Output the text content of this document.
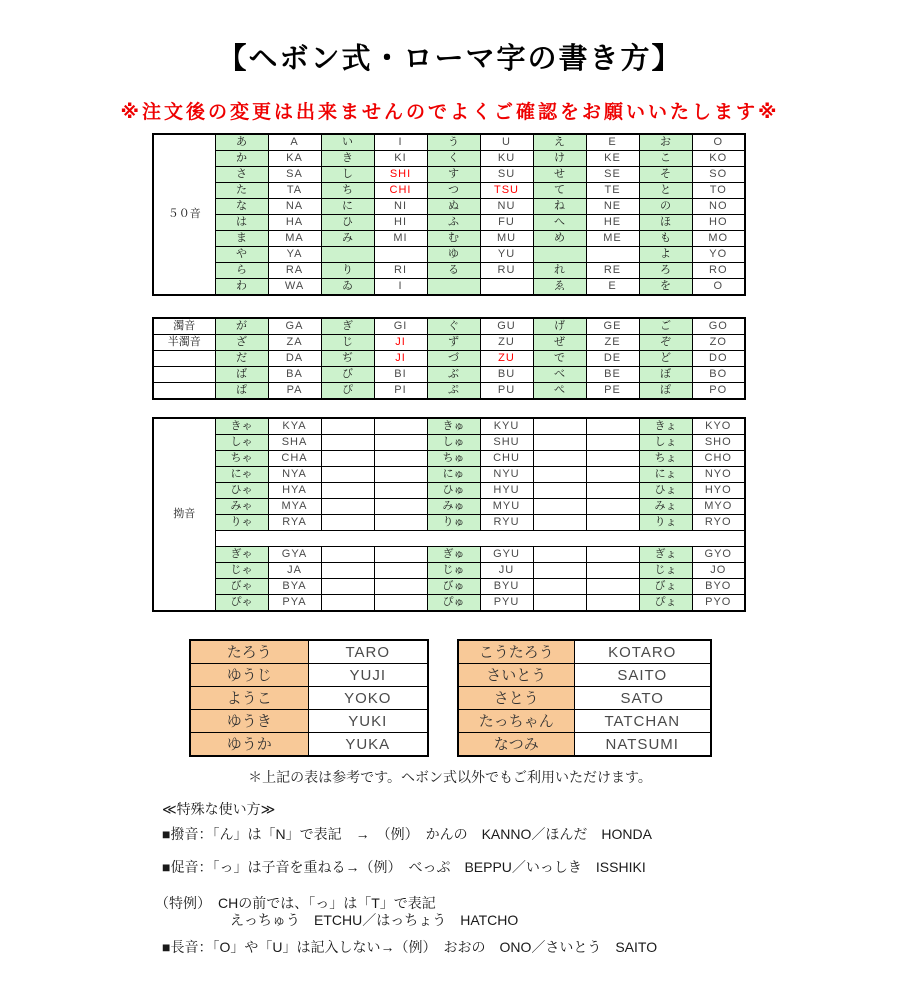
【ヘボン式・ローマ字の書き方】
※注文後の変更は出来ませんのでよくご確認をお願いいたします※
５０音	あ	A	い	I	う	U	え	E	お	O
	か	KA	き	KI	く	KU	け	KE	こ	KO
	さ	SA	し	SHI	す	SU	せ	SE	そ	SO
	た	TA	ち	CHI	つ	TSU	て	TE	と	TO
	な	NA	に	NI	ぬ	NU	ね	NE	の	NO
	は	HA	ひ	HI	ふ	FU	へ	HE	ほ	HO
	ま	MA	み	MI	む	MU	め	ME	も	MO
	や	YA			ゆ	YU			よ	YO
	ら	RA	り	RI	る	RU	れ	RE	ろ	RO
	わ	WA	ゐ	I			ゑ	E	を	O
濁音	が	GA	ぎ	GI	ぐ	GU	げ	GE	ご	GO
半濁音	ざ	ZA	じ	JI	ず	ZU	ぜ	ZE	ぞ	ZO
	だ	DA	ぢ	JI	づ	ZU	で	DE	ど	DO
	ば	BA	び	BI	ぶ	BU	べ	BE	ぼ	BO
	ぱ	PA	ぴ	PI	ぷ	PU	ぺ	PE	ぽ	PO
拗音	きゃ	KYA			きゅ	KYU			きょ	KYO
	しゃ	SHA			しゅ	SHU			しょ	SHO
	ちゃ	CHA			ちゅ	CHU			ちょ	CHO
	にゃ	NYA			にゅ	NYU			にょ	NYO
	ひゃ	HYA			ひゅ	HYU			ひょ	HYO
	みゃ	MYA			みゅ	MYU			みょ	MYO
	りゃ	RYA			りゅ	RYU			りょ	RYO

	ぎゃ	GYA			ぎゅ	GYU			ぎょ	GYO
	じゃ	JA			じゅ	JU			じょ	JO
	びゃ	BYA			びゅ	BYU			びょ	BYO
	ぴゃ	PYA			ぴゅ	PYU			ぴょ	PYO
たろう	TARO
ゆうじ	YUJI
ようこ	YOKO
ゆうき	YUKI
ゆうか	YUKA
こうたろう	KOTARO
さいとう	SAITO
さとう	SATO
たっちゃん	TATCHAN
なつみ	NATSUMI
＊上記の表は参考です。ヘボン式以外でもご利用いただけます。
≪特殊な使い方≫
■撥音：「ん」は「N」で表記　→　（例）　かんの　KANNO／ほんだ　HONDA
■促音：「っ」は子音を重ねる→（例）　べっぷ　BEPPU／いっしき　ISSHIKI
（特例）　CHの前では、「っ」は「T」で表記
えっちゅう　ETCHU／はっちょう　HATCHO
■長音：「O」や「U」は記入しない→（例）　おおの　ONO／さいとう　SAITO
